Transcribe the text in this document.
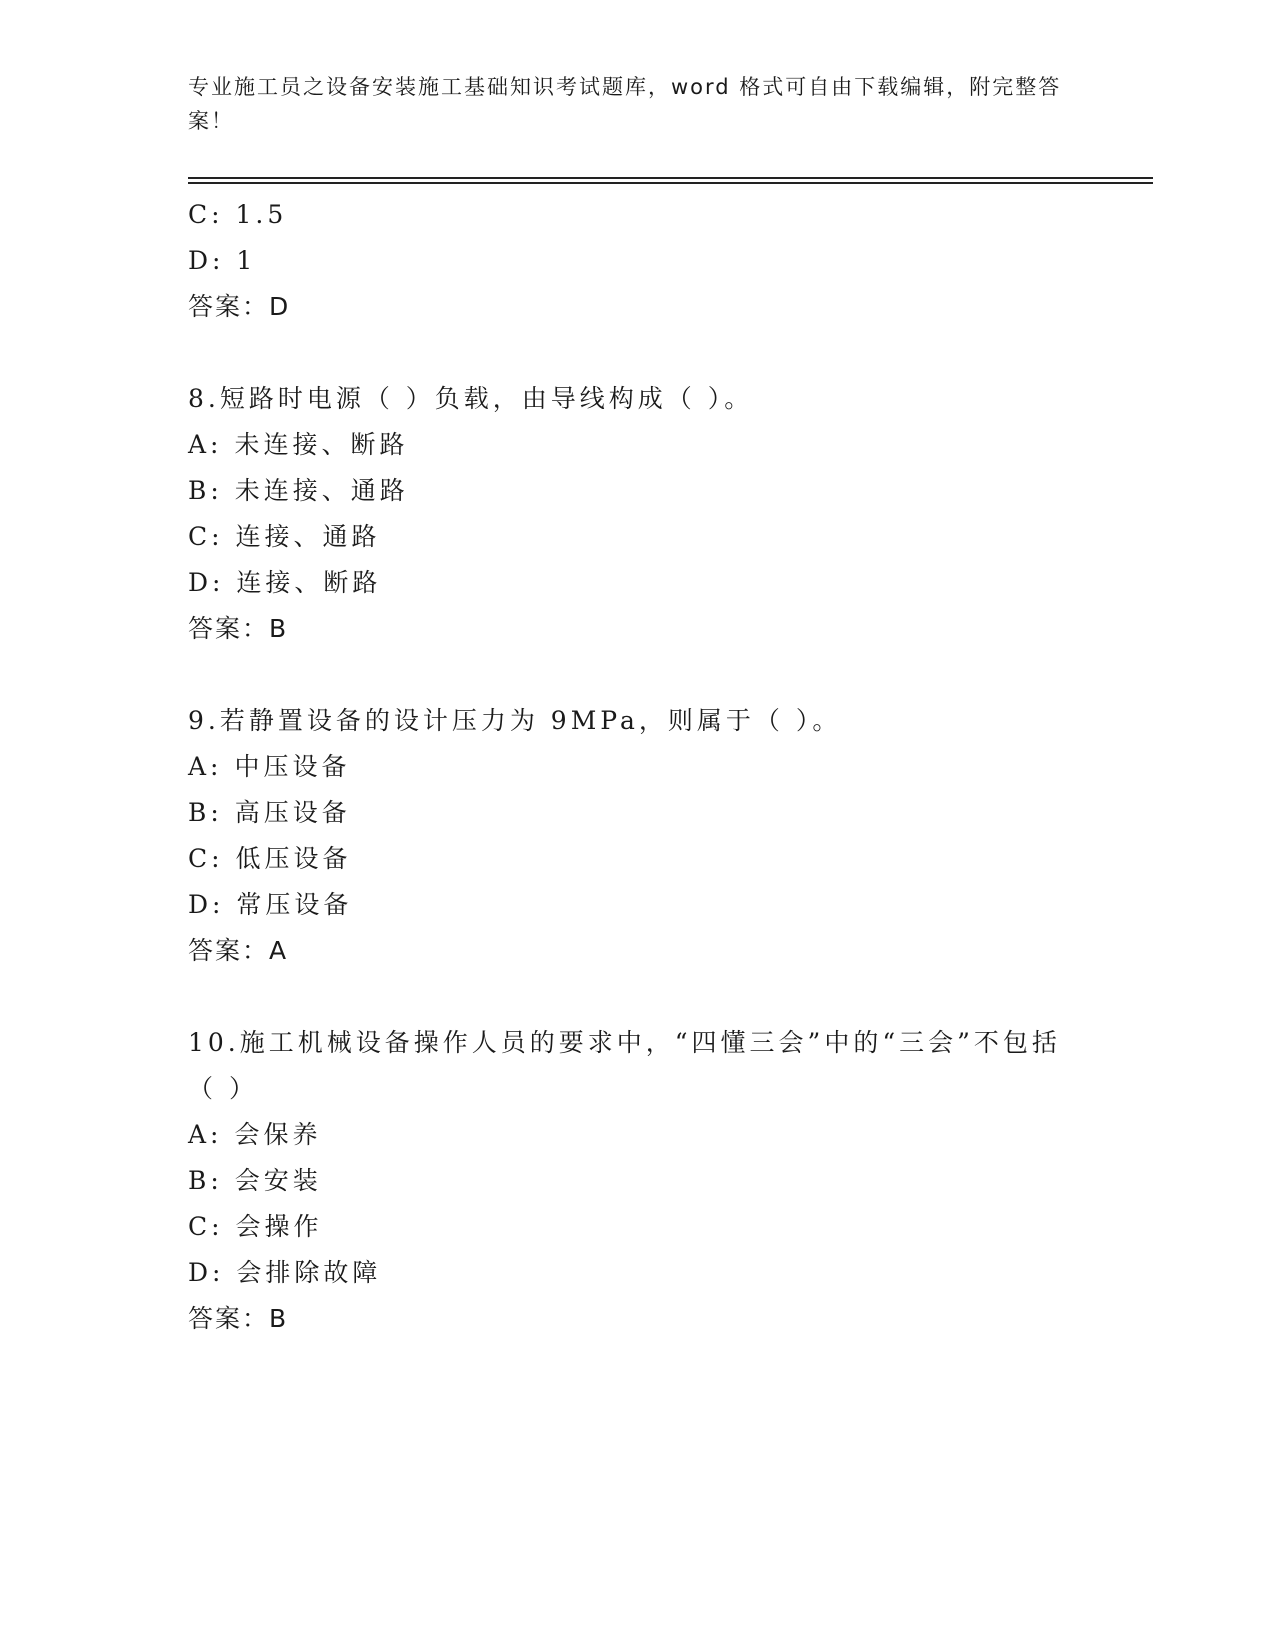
专业施工员之设备安装施工基础知识考试题库，word 格式可自由下载编辑，附完整答案！

C: 1.5
D: 1
答案：D
8.短路时电源（ ）负载，由导线构成（ ）。
A: 未连接、断路
B: 未连接、通路
C: 连接、通路
D: 连接、断路
答案：B
9.若静置设备的设计压力为 9MPa，则属于（ ）。
A: 中压设备
B: 高压设备
C: 低压设备
D: 常压设备
答案：A
10.施工机械设备操作人员的要求中，“四懂三会”中的“三会”不包括（ ）
A: 会保养
B: 会安装
C: 会操作
D: 会排除故障
答案：B
